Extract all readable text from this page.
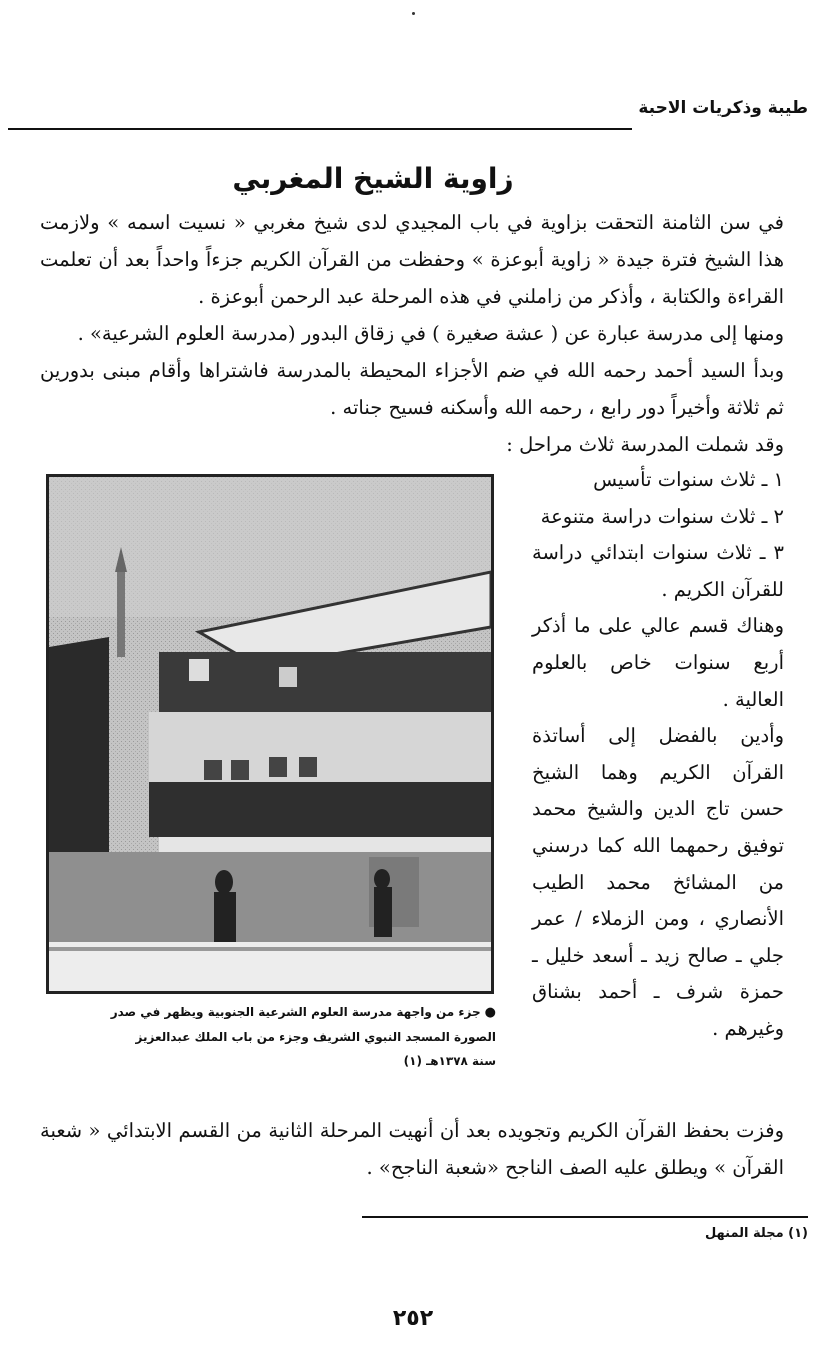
طيبة وذكريات الاحبة
زاوية الشيخ المغربي

في سن الثامنة التحقت بزاوية في باب المجيدي لدى شيخ مغربي « نسيت اسمه » ولازمت هذا الشيخ فترة جيدة « زاوية أبوعزة » وحفظت من القرآن الكريم جزءاً واحداً بعد أن تعلمت القراءة والكتابة ، وأذكر من زاملني في هذه المرحلة عبد الرحمن أبوعزة .

ومنها إلى مدرسة عبارة عن ( عشة صغيرة ) في زقاق البدور (مدرسة العلوم الشرعية» .

وبدأ السيد أحمد رحمه الله في ضم الأجزاء المحيطة بالمدرسة فاشتراها وأقام مبنى بدورين ثم ثلاثة وأخيراً دور رابع ، رحمه الله وأسكنه فسيح جناته .

وقد شملت المدرسة ثلاث مراحل :

١ ـ ثلاث سنوات تأسيس

٢ ـ ثلاث سنوات دراسة متنوعة

٣ ـ ثلاث سنوات ابتدائي دراسة للقرآن الكريم .

وهناك قسم عالي على ما أذكر أربع سنوات خاص بالعلوم العالية .

وأدين بالفضل إلى أساتذة القرآن الكريم وهما الشيخ حسن تاج الدين والشيخ محمد توفيق رحمهما الله كما درسني من المشائخ محمد الطيب الأنصاري ، ومن الزملاء / عمر جلي ـ صالح زيد ـ أسعد خليل ـ حمزة شرف ـ أحمد بشناق وغيرهم .

●جزء من واجهة مدرسة العلوم الشرعية الجنوبية ويظهر في صدر
الصورة المسجد النبوي الشريف وجزء من باب الملك عبدالعزيز
سنة ١٣٧٨هـ (١)

وفزت بحفظ القرآن الكريم وتجويده بعد أن أنهيت المرحلة الثانية من القسم الابتدائي « شعبة القرآن » ويطلق عليه الصف الناجح «شعبة الناجح» .

(١) مجلة المنهل
٢٥٢
